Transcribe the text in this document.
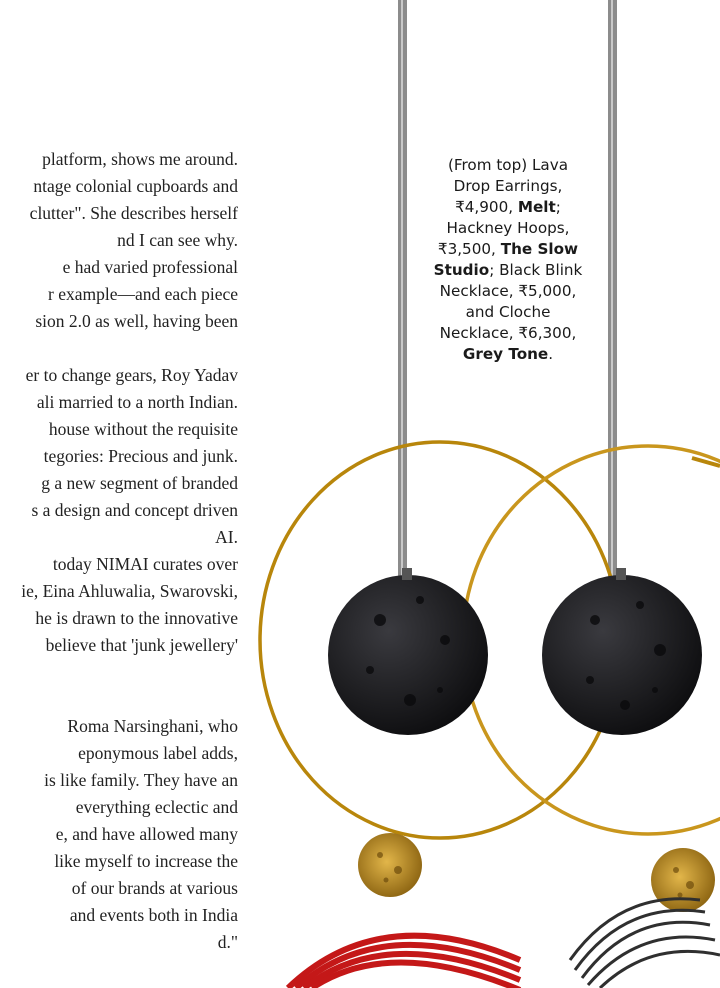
platform, shows me around.
ntage colonial cupboards and
clutter". She describes herself
nd I can see why.
e had varied professional
r example—and each piece
sion 2.0 as well, having been
er to change gears, Roy Yadav
ali married to a north Indian.
house without the requisite
tegories: Precious and junk.
g a new segment of branded
s a design and concept driven
AI.
today NIMAI curates over
ie, Eina Ahluwalia, Swarovski,
he is drawn to the innovative
believe that 'junk jewellery'
Roma Narsinghani, who
eponymous label adds,
is like family. They have an
everything eclectic and
e, and have allowed many
like myself to increase the
of our brands at various
and events both in India
d."
(From top) Lava Drop Earrings, ₹4,900, Melt; Hackney Hoops, ₹3,500, The Slow Studio; Black Blink Necklace, ₹5,000, and Cloche Necklace, ₹6,300, Grey Tone.
